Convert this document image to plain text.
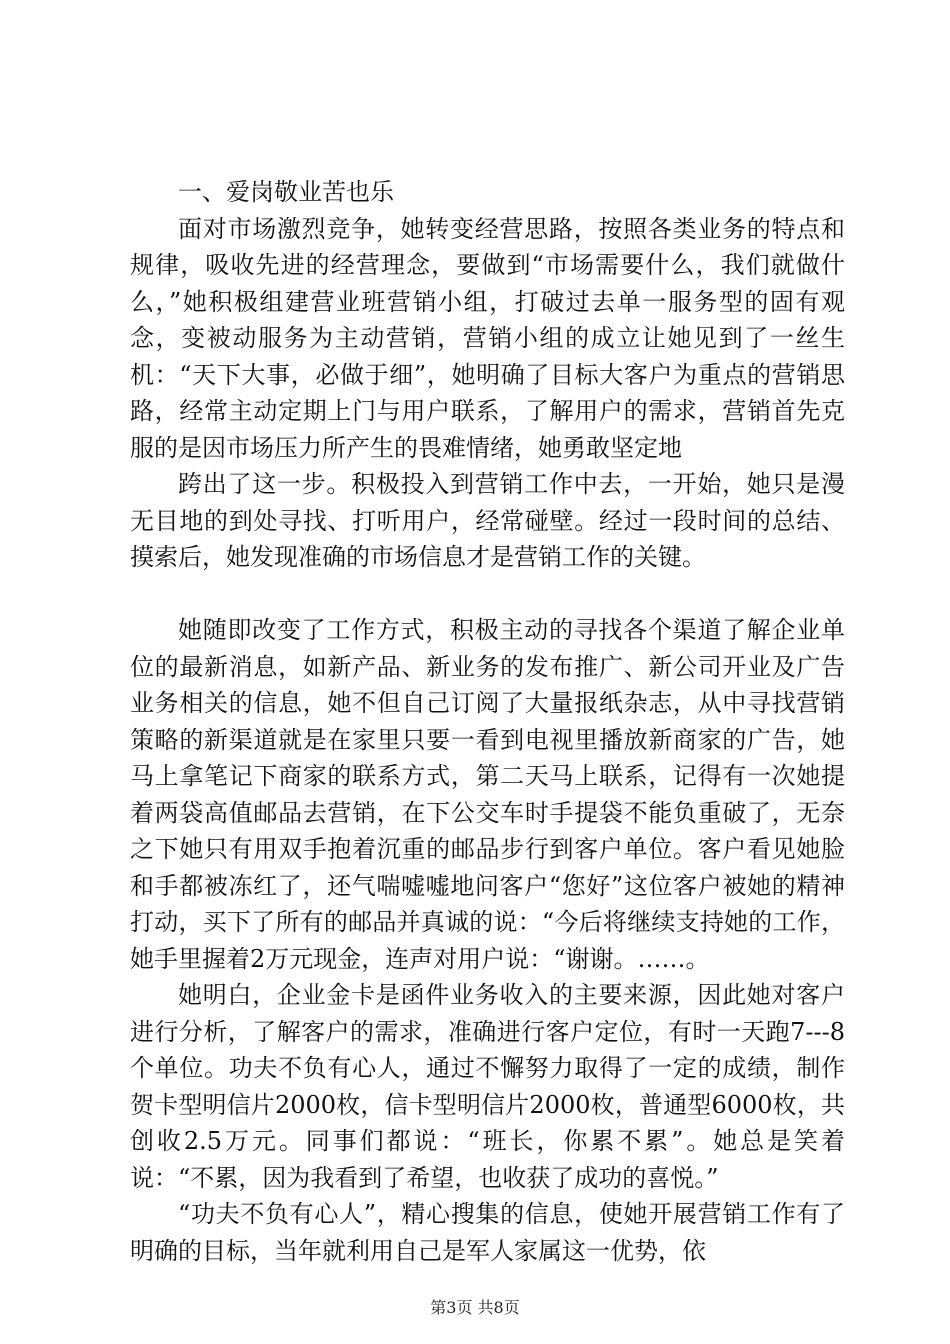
一、爱岗敬业苦也乐

面对市场激烈竞争，她转变经营思路，按照各类业务的特点和规律，吸收先进的经营理念，要做到“市场需要什么，我们就做什么，”她积极组建营业班营销小组，打破过去单一服务型的固有观念，变被动服务为主动营销，营销小组的成立让她见到了一丝生机：“天下大事，必做于细”，她明确了目标大客户为重点的营销思路，经常主动定期上门与用户联系，了解用户的需求，营销首先克服的是因市场压力所产生的畏难情绪，她勇敢坚定地

跨出了这一步。积极投入到营销工作中去，一开始，她只是漫无目地的到处寻找、打听用户，经常碰壁。经过一段时间的总结、摸索后，她发现准确的市场信息才是营销工作的关键。

她随即改变了工作方式，积极主动的寻找各个渠道了解企业单位的最新消息，如新产品、新业务的发布推广、新公司开业及广告业务相关的信息，她不但自己订阅了大量报纸杂志，从中寻找营销策略的新渠道就是在家里只要一看到电视里播放新商家的广告，她马上拿笔记下商家的联系方式，第二天马上联系，记得有一次她提着两袋高值邮品去营销，在下公交车时手提袋不能负重破了，无奈之下她只有用双手抱着沉重的邮品步行到客户单位。客户看见她脸和手都被冻红了，还气喘嘘嘘地问客户“您好”这位客户被她的精神打动，买下了所有的邮品并真诚的说：“今后将继续支持她的工作，她手里握着2万元现金，连声对用户说：“谢谢。……。

她明白，企业金卡是函件业务收入的主要来源，因此她对客户进行分析，了解客户的需求，准确进行客户定位，有时一天跑7---8个单位。功夫不负有心人，通过不懈努力取得了一定的成绩，制作贺卡型明信片2000枚，信卡型明信片2000枚，普通型6000枚，共创收2.5万元。同事们都说：“班长，你累不累”。她总是笑着说：“不累，因为我看到了希望，也收获了成功的喜悦。”

“功夫不负有心人”，精心搜集的信息，使她开展营销工作有了明确的目标，当年就利用自己是军人家属这一优势，依

第3页 共8页
